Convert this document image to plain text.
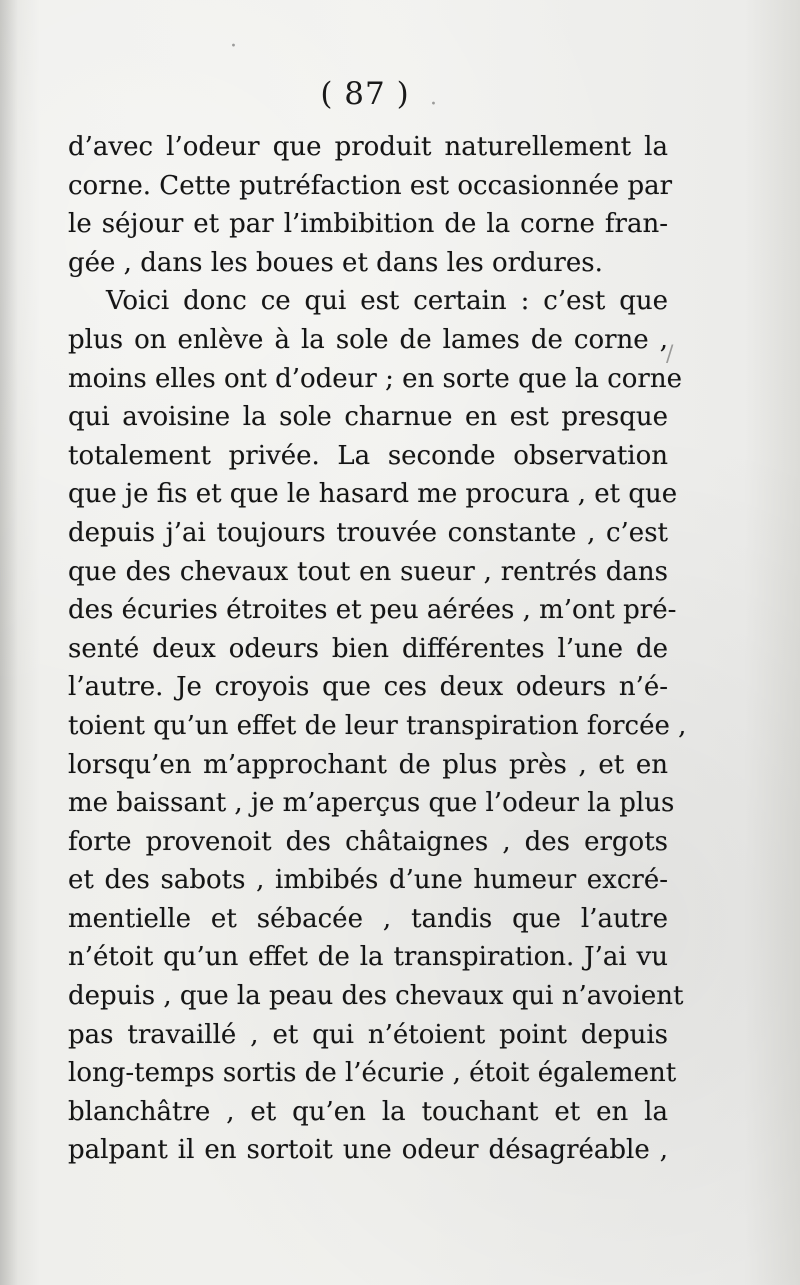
( 87 )
d’avec l’odeur que produit naturellement la
corne. Cette putréfaction est occasionnée par
le séjour et par l’imbibition de la corne fran-
gée , dans les boues et dans les ordures.
Voici donc ce qui est certain : c’est que
plus on enlève à la sole de lames de corne ,
moins elles ont d’odeur ; en sorte que la corne
qui avoisine la sole charnue en est presque
totalement privée. La seconde observation
que je fis et que le hasard me procura , et que
depuis j’ai toujours trouvée constante , c’est
que des chevaux tout en sueur , rentrés dans
des écuries étroites et peu aérées , m’ont pré-
senté deux odeurs bien différentes l’une de
l’autre. Je croyois que ces deux odeurs n’é-
toient qu’un effet de leur transpiration forcée ,
lorsqu’en m’approchant de plus près , et en
me baissant , je m’aperçus que l’odeur la plus
forte provenoit des châtaignes , des ergots
et des sabots , imbibés d’une humeur excré-
mentielle et sébacée , tandis que l’autre
n’étoit qu’un effet de la transpiration. J’ai vu
depuis , que la peau des chevaux qui n’avoient
pas travaillé , et qui n’étoient point depuis
long-temps sortis de l’écurie , étoit également
blanchâtre , et qu’en la touchant et en la
palpant il en sortoit une odeur désagréable ,
·
·
/
